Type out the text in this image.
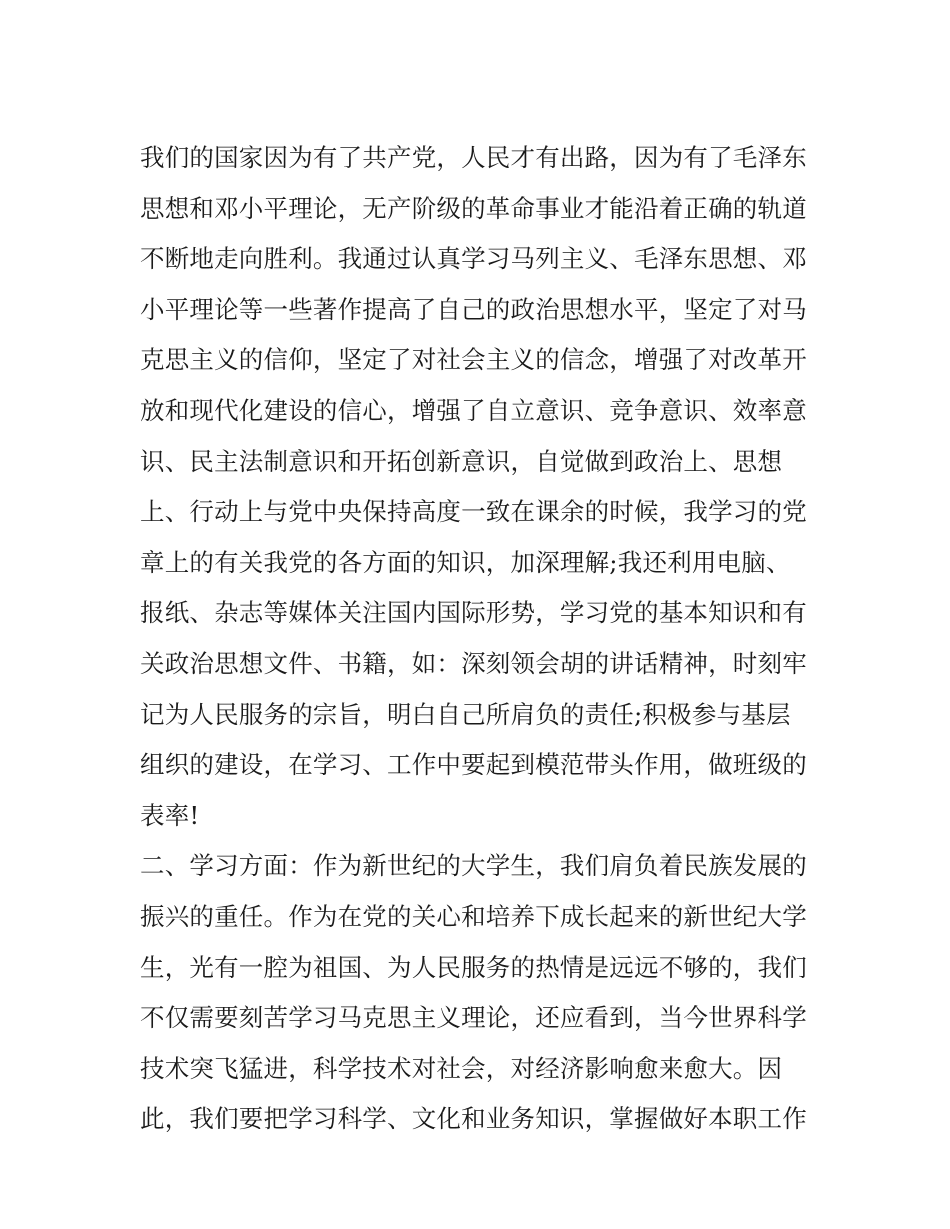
我们的国家因为有了共产党，人民才有出路，因为有了毛泽东
思想和邓小平理论，无产阶级的革命事业才能沿着正确的轨道
不断地走向胜利。我通过认真学习马列主义、毛泽东思想、邓
小平理论等一些著作提高了自己的政治思想水平，坚定了对马
克思主义的信仰，坚定了对社会主义的信念，增强了对改革开
放和现代化建设的信心，增强了自立意识、竞争意识、效率意
识、民主法制意识和开拓创新意识，自觉做到政治上、思想
上、行动上与党中央保持高度一致在课余的时候，我学习的党
章上的有关我党的各方面的知识，加深理解;我还利用电脑、
报纸、杂志等媒体关注国内国际形势，学习党的基本知识和有
关政治思想文件、书籍，如：深刻领会胡的讲话精神，时刻牢
记为人民服务的宗旨，明白自己所肩负的责任;积极参与基层
组织的建设，在学习、工作中要起到模范带头作用，做班级的
表率!
二、学习方面：作为新世纪的大学生，我们肩负着民族发展的
振兴的重任。作为在党的关心和培养下成长起来的新世纪大学
生，光有一腔为祖国、为人民服务的热情是远远不够的，我们
不仅需要刻苦学习马克思主义理论，还应看到，当今世界科学
技术突飞猛进，科学技术对社会，对经济影响愈来愈大。因
此，我们要把学习科学、文化和业务知识，掌握做好本职工作
